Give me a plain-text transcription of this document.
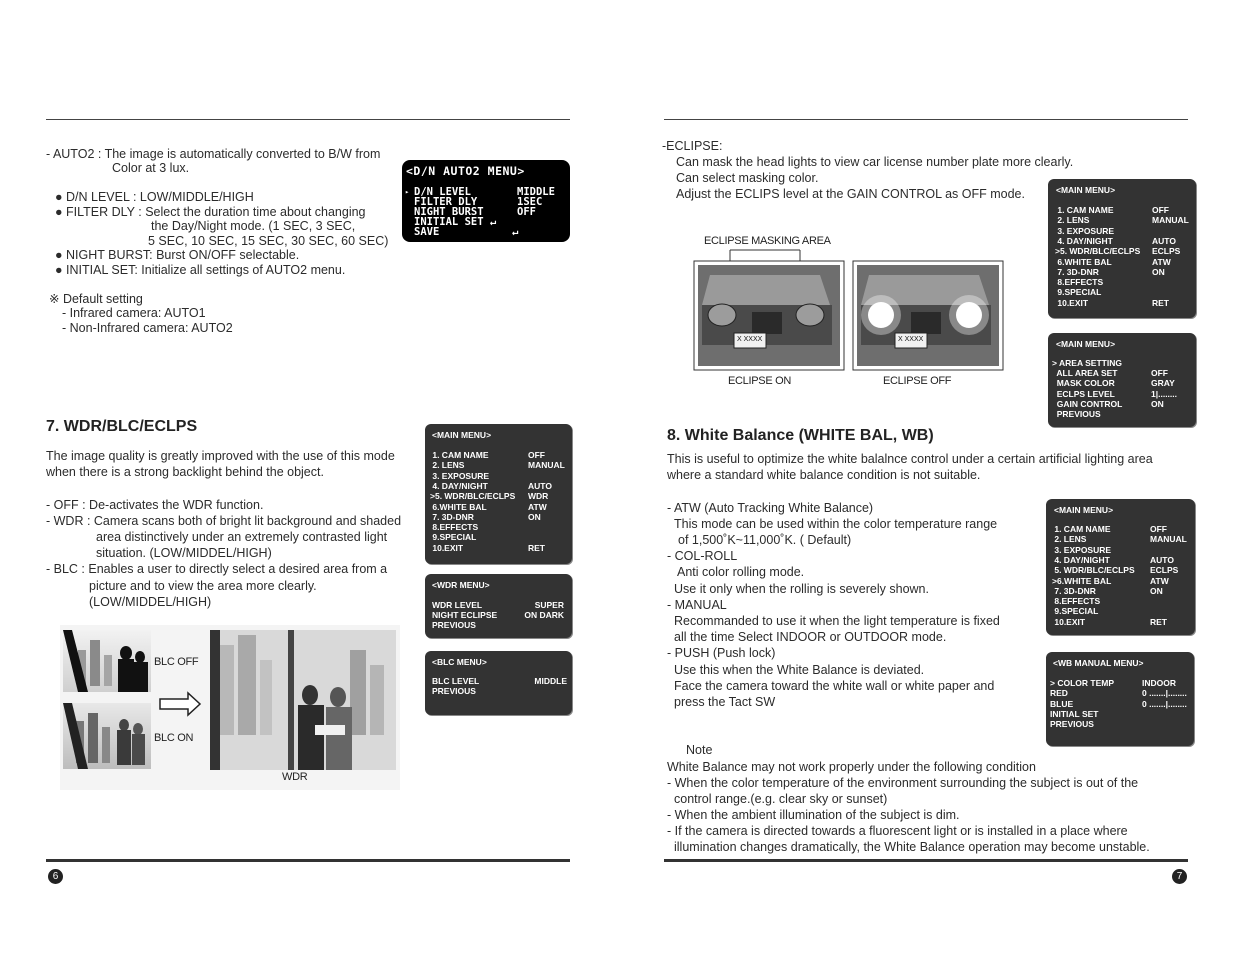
- AUTO2 : The image is automatically converted to B/W from
Color at 3 lux.
● D/N LEVEL : LOW/MIDDLE/HIGH
● FILTER DLY : Select the duration time about changing
the Day/Night mode. (1 SEC, 3 SEC,
5 SEC, 10 SEC, 15 SEC, 30 SEC, 60 SEC)
● NIGHT BURST: Burst ON/OFF selectable.
● INITIAL SET: Initialize all settings of AUTO2 menu.
※ Default setting
- Infrared camera: AUTO1
- Non-Infrared camera: AUTO2
<D/N AUTO2 MENU>
▸ D/N LEVEL	MIDDLE
FILTER DLY	1SEC
NIGHT BURST	OFF
INITIAL SET ↵
SAVE	↵
7. WDR/BLC/ECLPS
The image quality is greatly improved with the use of this mode
when there is a strong backlight behind the object.
- OFF : De-activates the WDR function.
- WDR : Camera scans both of bright lit background and shaded
area distinctively under an extremely contrasted light
situation. (LOW/MIDDEL/HIGH)
- BLC : Enables a user to directly select a desired area from a
picture and to view the area more clearly.
(LOW/MIDDEL/HIGH)
<MAIN MENU>
1. CAM NAME	OFF
2. LENS	MANUAL
3. EXPOSURE
4. DAY/NIGHT	AUTO
>5. WDR/BLC/ECLPS WDR
6.WHITE BAL	ATW
7. 3D-DNR	ON
8.EFFECTS
9.SPECIAL
10.EXIT	RET
<WDR MENU>
WDR LEVEL	SUPER
NIGHT ECLIPSE	ON DARK
PREVIOUS
<BLC MENU>
BLC LEVEL	MIDDLE
PREVIOUS
BLC OFF
BLC ON
WDR
6
-ECLIPSE:
Can mask the head lights to view car license number plate more clearly.
Can select masking color.
Adjust the ECLIPS level at the GAIN CONTROL as OFF mode.
ECLIPSE MASKING AREA
X XXXX	X XXXX
ECLIPSE ON	ECLIPSE OFF
<MAIN MENU>
1. CAM NAME	OFF
2. LENS	MANUAL
3. EXPOSURE
4. DAY/NIGHT	AUTO
>5. WDR/BLC/ECLPS ECLPS
6.WHITE BAL	ATW
7. 3D-DNR	ON
8.EFFECTS
9.SPECIAL
10.EXIT	RET
<MAIN MENU>
> AREA SETTING
ALL AREA SET	OFF
MASK COLOR	GRAY
ECLPS LEVEL	1|........
GAIN CONTROL	ON
PREVIOUS
8. White Balance (WHITE BAL, WB)
This is useful to optimize the white balalnce control under a certain artificial lighting area
where a standard white balance condition is not suitable.
- ATW (Auto Tracking White Balance)
This mode can be used within the color temperature range
of 1,500˚K~11,000˚K. ( Default)
- COL-ROLL
Anti color rolling mode.
Use it only when the rolling is severely shown.
- MANUAL
Recommanded to use it when the light temperature is fixed
all the time Select INDOOR or OUTDOOR mode.
- PUSH (Push lock)
Use this when the White Balance is deviated.
Face the camera toward the white wall or white paper and
press the Tact SW
<MAIN MENU>
1. CAM NAME	OFF
2. LENS	MANUAL
3. EXPOSURE
4. DAY/NIGHT	AUTO
5. WDR/BLC/ECLPS ECLPS
>6.WHITE BAL	ATW
7. 3D-DNR	ON
8.EFFECTS
9.SPECIAL
10.EXIT	RET
<WB MANUAL MENU>
> COLOR TEMP	INDOOR
RED	0 .......|........
BLUE	0 .......|........
INITIAL SET
PREVIOUS
Note
White Balance may not work properly under the following condition
- When the color temperature of the environment surrounding the subject is out of the
control range.(e.g. clear sky or sunset)
- When the ambient illumination of the subject is dim.
- If the camera is directed towards a fluorescent light or is installed in a place where
illumination changes dramatically, the White Balance operation may become unstable.
7
